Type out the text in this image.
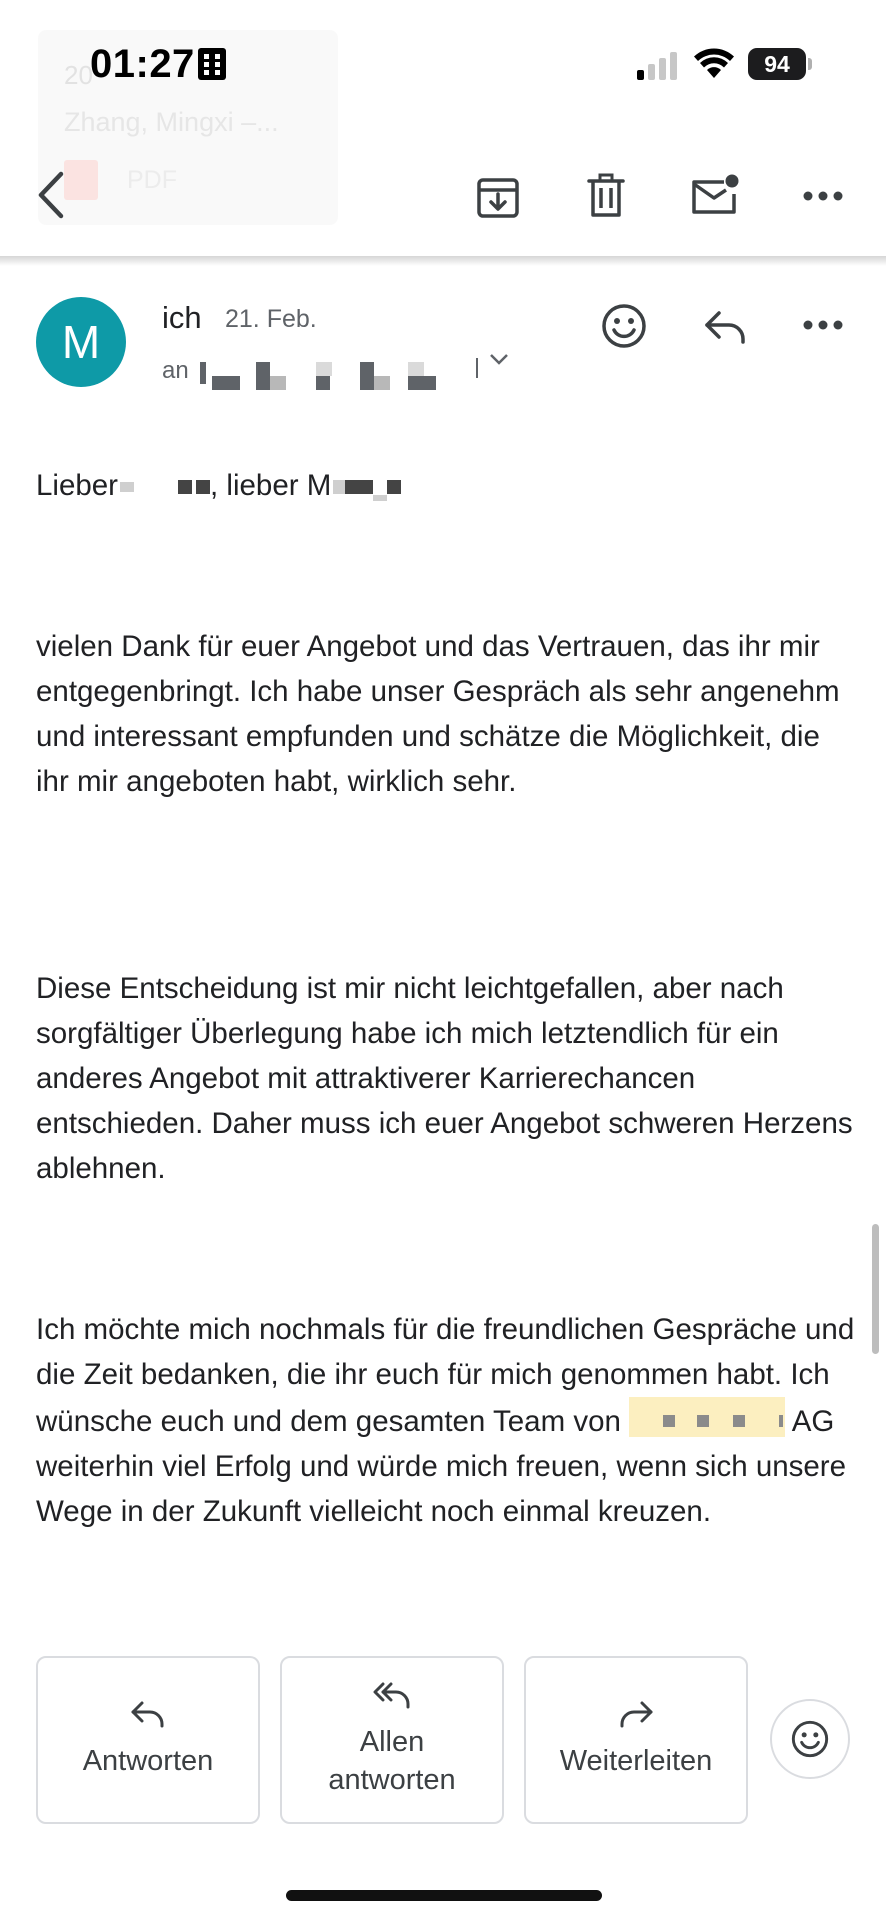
20
Zhang, Mingxi –...
PDF
01:27	94
M	ich 21. Feb.
an
Lieber	, lieber M
vielen Dank für euer Angebot und das Vertrauen, das ihr mir entgegenbringt. Ich habe unser Gespräch als sehr angenehm und interessant empfunden und schätze die Möglichkeit, die ihr mir angeboten habt, wirklich sehr.
Diese Entscheidung ist mir nicht leichtgefallen, aber nach sorgfältiger Überlegung habe ich mich letztendlich für ein anderes Angebot mit attraktiverer Karrierechancen entschieden. Daher muss ich euer Angebot schweren Herzens ablehnen.
Ich möchte mich nochmals für die freundlichen Gespräche und die Zeit bedanken, die ihr euch für mich genommen habt. Ich wünsche euch und dem gesamten Team von	AG weiterhin viel Erfolg und würde mich freuen, wenn sich unsere Wege in der Zukunft vielleicht noch einmal kreuzen.
Antworten
Allen
antworten
Weiterleiten
